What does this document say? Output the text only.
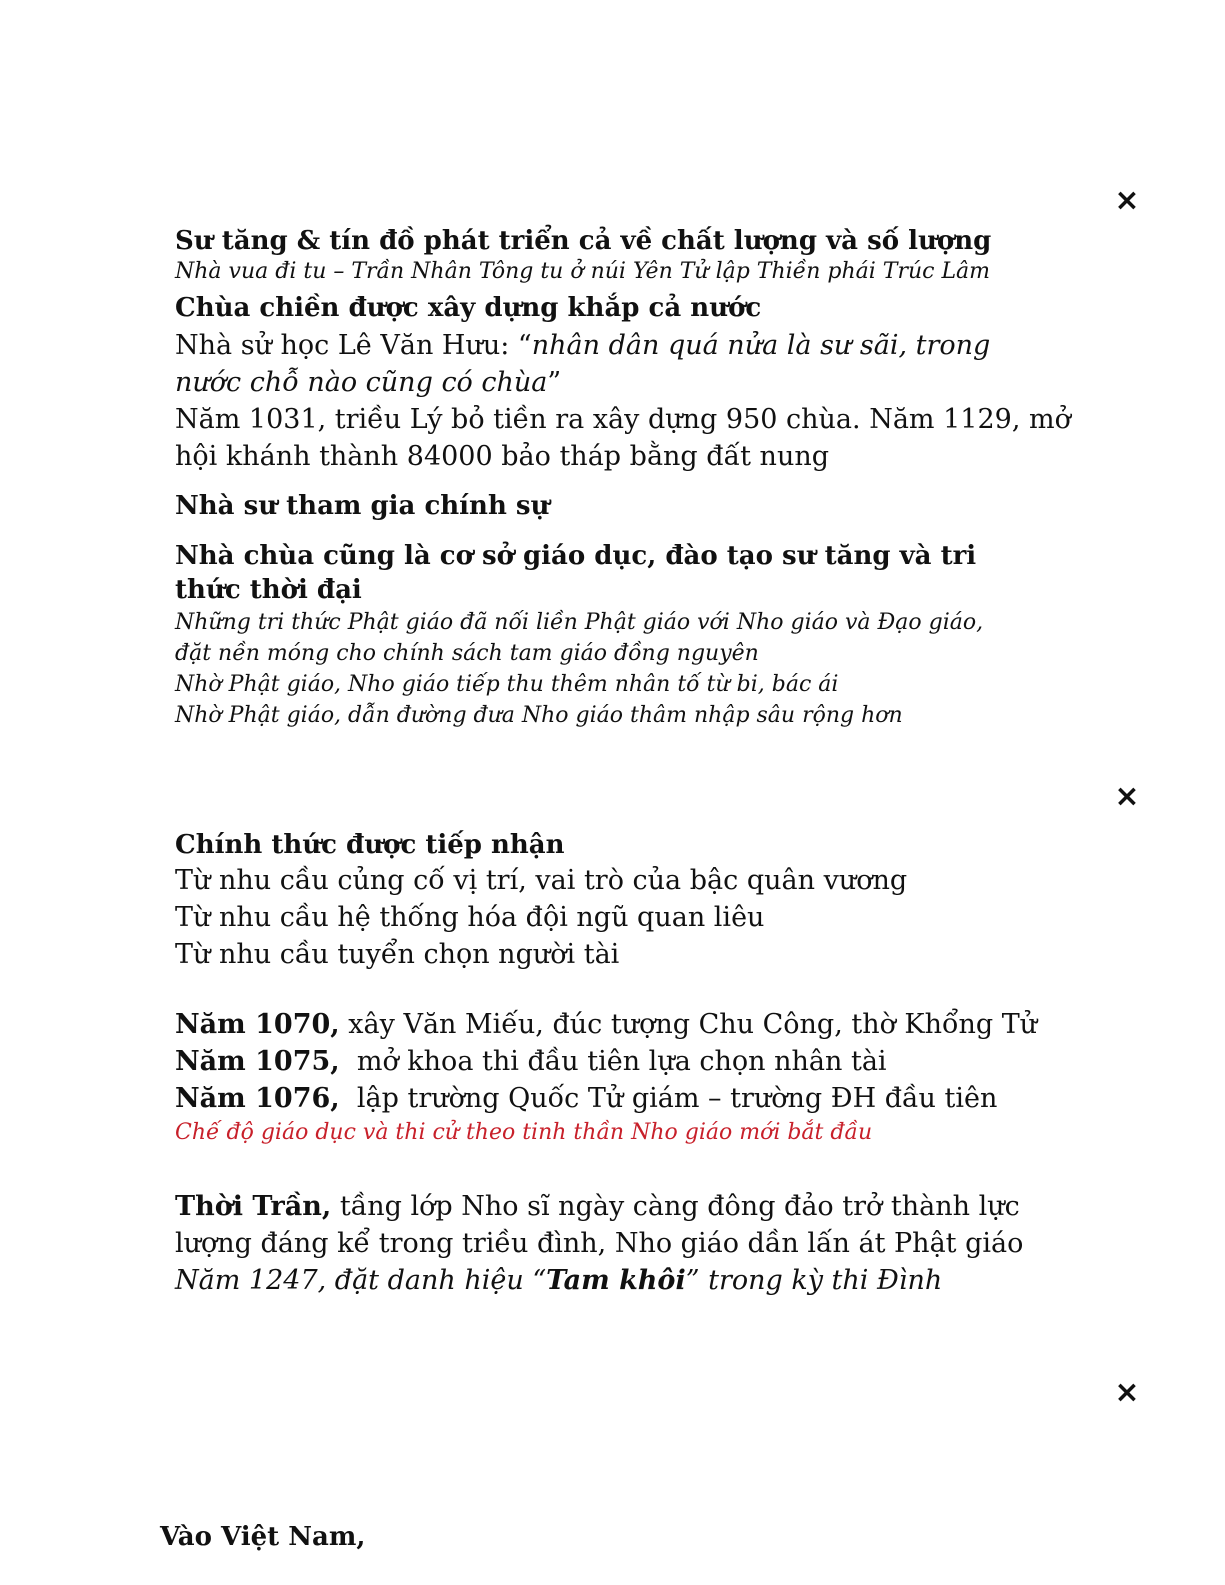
×
×
×

Sư tăng & tín đồ phát triển cả về chất lượng và số lượng

Nhà vua đi tu – Trần Nhân Tông tu ở núi Yên Tử lập Thiền phái Trúc Lâm

Chùa chiền được xây dựng khắp cả nước

Nhà sử học Lê Văn Hưu: “nhân dân quá nửa là sư sãi, trong

nước chỗ nào cũng có chùa”

Năm 1031, triều Lý bỏ tiền ra xây dựng 950 chùa. Năm 1129, mở

hội khánh thành 84000 bảo tháp bằng đất nung

Nhà sư tham gia chính sự

Nhà chùa cũng là cơ sở giáo dục, đào tạo sư tăng và tri

thức thời đại

Những tri thức Phật giáo đã nối liền Phật giáo với Nho giáo và Đạo giáo,

đặt nền móng cho chính sách tam giáo đồng nguyên

Nhờ Phật giáo, Nho giáo tiếp thu thêm nhân tố từ bi, bác ái

Nhờ Phật giáo, dẫn đường đưa Nho giáo thâm nhập sâu rộng hơn

Chính thức được tiếp nhận

Từ nhu cầu củng cố vị trí, vai trò của bậc quân vương

Từ nhu cầu hệ thống hóa đội ngũ quan liêu

Từ nhu cầu tuyển chọn người tài

Năm 1070, xây Văn Miếu, đúc tượng Chu Công, thờ Khổng Tử

Năm 1075,  mở khoa thi đầu tiên lựa chọn nhân tài

Năm 1076,  lập trường Quốc Tử giám – trường ĐH đầu tiên

Chế độ giáo dục và thi cử theo tinh thần Nho giáo mới bắt đầu

Thời Trần, tầng lớp Nho sĩ ngày càng đông đảo trở thành lực

lượng đáng kể trong triều đình, Nho giáo dần lấn át Phật giáo

Năm 1247, đặt danh hiệu “Tam khôi” trong kỳ thi Đình

Vào Việt Nam,
